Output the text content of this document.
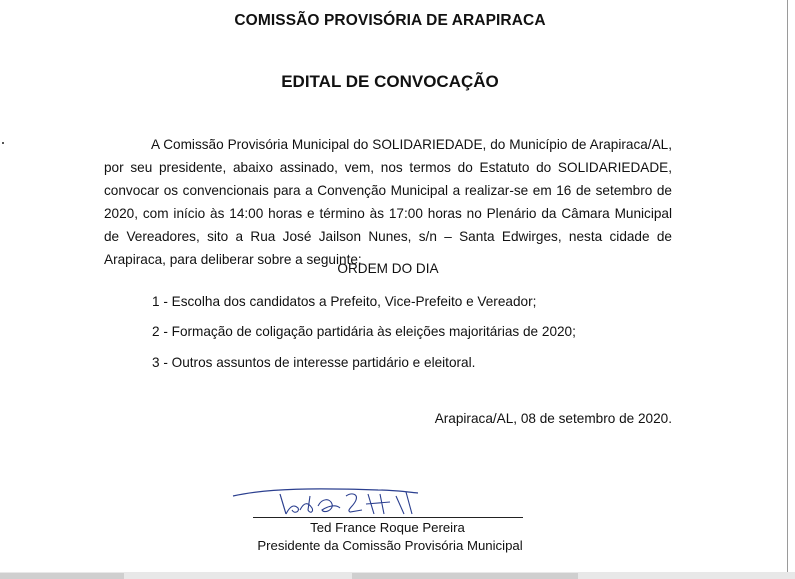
COMISSÃO PROVISÓRIA DE ARAPIRACA
EDITAL DE CONVOCAÇÃO
A Comissão Provisória Municipal do SOLIDARIEDADE, do Município de Arapiraca/AL, por seu presidente, abaixo assinado, vem, nos termos do Estatuto do SOLIDARIEDADE, convocar os convencionais para a Convenção Municipal a realizar-se em 16 de setembro de 2020, com início às 14:00 horas e término às 17:00 horas no Plenário da Câmara Municipal de Vereadores, sito a Rua José Jailson Nunes, s/n – Santa Edwirges, nesta cidade de Arapiraca, para deliberar sobre a seguinte:
ORDEM DO DIA
1 - Escolha dos candidatos a Prefeito, Vice-Prefeito e Vereador;
2 - Formação de coligação partidária às eleições majoritárias de 2020;
3 - Outros assuntos de interesse partidário e eleitoral.
Arapiraca/AL, 08 de setembro de 2020.
Ted France Roque Pereira
Presidente da Comissão Provisória Municipal
